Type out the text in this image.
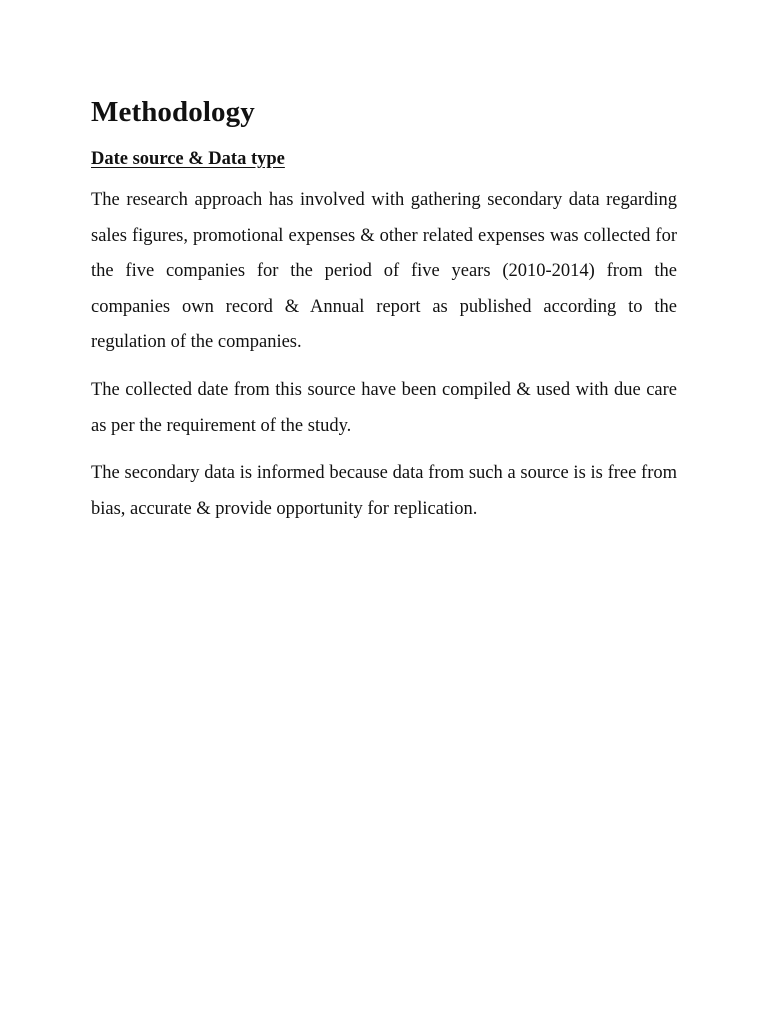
Methodology
Date source & Data type

The research approach has involved with gathering secondary data regarding sales figures, promotional expenses & other related expenses was collected for the five companies for the period of five years (2010-2014) from the companies own record & Annual report as published according to the regulation of the companies.

The collected date from this source have been compiled & used with due care as per the requirement of the study.

The secondary data is informed because data from such a source is is free from bias, accurate & provide opportunity for replication.
